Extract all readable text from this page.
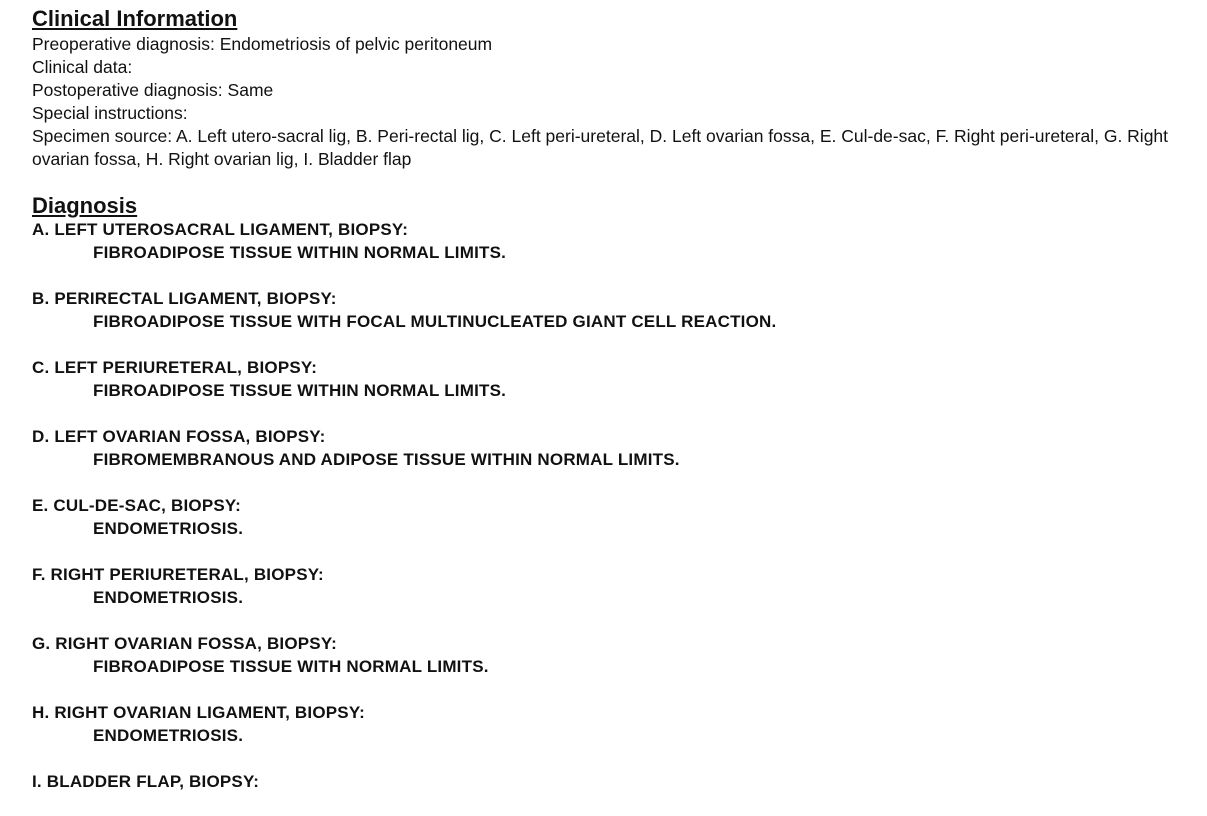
Clinical Information
Preoperative diagnosis: Endometriosis of pelvic peritoneum
Clinical data:
Postoperative diagnosis: Same
Special instructions:
Specimen source: A. Left utero-sacral lig, B. Peri-rectal lig, C. Left peri-ureteral, D. Left ovarian fossa, E. Cul-de-sac, F. Right peri-ureteral, G. Right ovarian fossa, H. Right ovarian lig, I. Bladder flap
Diagnosis
A. LEFT UTEROSACRAL LIGAMENT, BIOPSY:
FIBROADIPOSE TISSUE WITHIN NORMAL LIMITS.
B. PERIRECTAL LIGAMENT, BIOPSY:
FIBROADIPOSE TISSUE WITH FOCAL MULTINUCLEATED GIANT CELL REACTION.
C. LEFT PERIURETERAL, BIOPSY:
FIBROADIPOSE TISSUE WITHIN NORMAL LIMITS.
D. LEFT OVARIAN FOSSA, BIOPSY:
FIBROMEMBRANOUS AND ADIPOSE TISSUE WITHIN NORMAL LIMITS.
E. CUL-DE-SAC, BIOPSY:
ENDOMETRIOSIS.
F. RIGHT PERIURETERAL, BIOPSY:
ENDOMETRIOSIS.
G. RIGHT OVARIAN FOSSA, BIOPSY:
FIBROADIPOSE TISSUE WITH NORMAL LIMITS.
H. RIGHT OVARIAN LIGAMENT, BIOPSY:
ENDOMETRIOSIS.
I. BLADDER FLAP, BIOPSY:
